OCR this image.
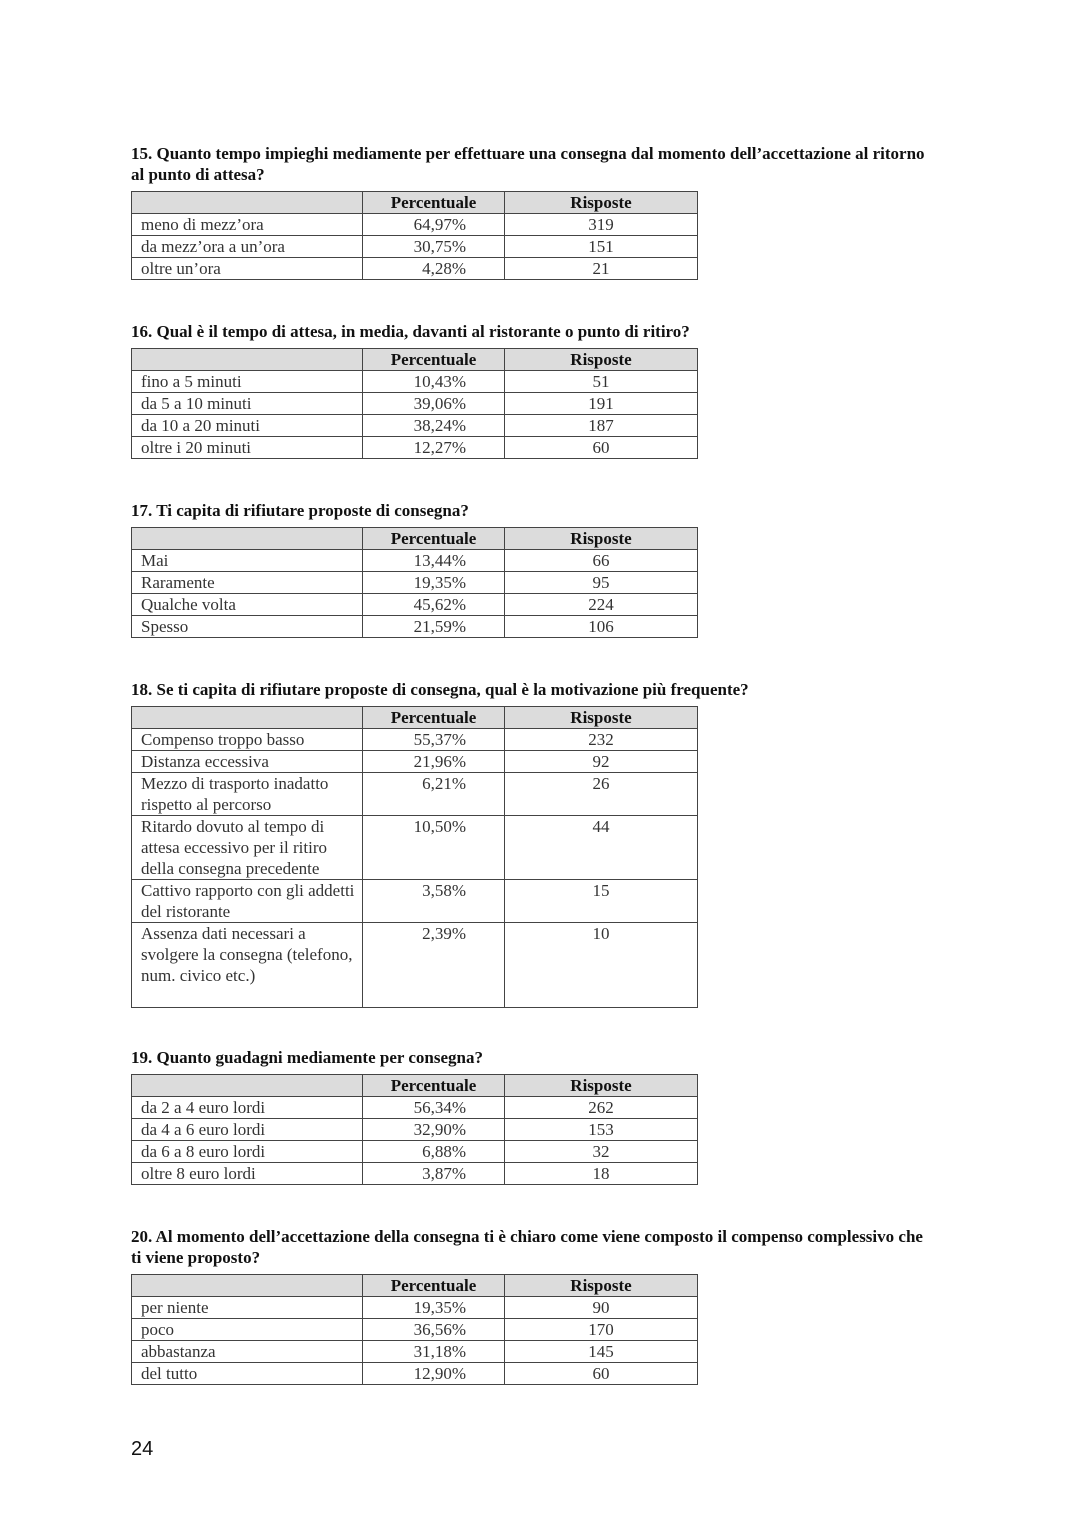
15. Quanto tempo impieghi mediamente per effettuare una consegna dal momento dell’accettazione al ritorno al punto di attesa?
	Percentuale	Risposte
meno di mezz’ora	64,97%	319
da mezz’ora a un’ora	30,75%	151
oltre un’ora	4,28%	21
16. Qual è il tempo di attesa, in media, davanti al ristorante o punto di ritiro?
	Percentuale	Risposte
fino a 5 minuti	10,43%	51
da 5 a 10 minuti	39,06%	191
da 10 a 20 minuti	38,24%	187
oltre i 20 minuti	12,27%	60
17. Ti capita di rifiutare proposte di consegna?
	Percentuale	Risposte
Mai	13,44%	66
Raramente	19,35%	95
Qualche volta	45,62%	224
Spesso	21,59%	106
18. Se ti capita di rifiutare proposte di consegna, qual è la motivazione più frequente?
	Percentuale	Risposte
Compenso troppo basso	55,37%	232
Distanza eccessiva	21,96%	92
Mezzo di trasporto inadatto rispetto al percorso	6,21%	26
Ritardo dovuto al tempo di attesa eccessivo per il ritiro della consegna precedente	10,50%	44
Cattivo rapporto con gli addetti del ristorante	3,58%	15
Assenza dati necessari a svolgere la consegna (telefono, num. civico etc.)	2,39%	10
19. Quanto guadagni mediamente per consegna?
	Percentuale	Risposte
da 2 a 4 euro lordi	56,34%	262
da 4 a 6 euro lordi	32,90%	153
da 6 a 8 euro lordi	6,88%	32
oltre 8 euro lordi	3,87%	18
20. Al momento dell’accettazione della consegna ti è chiaro come viene composto il compenso complessivo che ti viene proposto?
	Percentuale	Risposte
per niente	19,35%	90
poco	36,56%	170
abbastanza	31,18%	145
del tutto	12,90%	60
24
